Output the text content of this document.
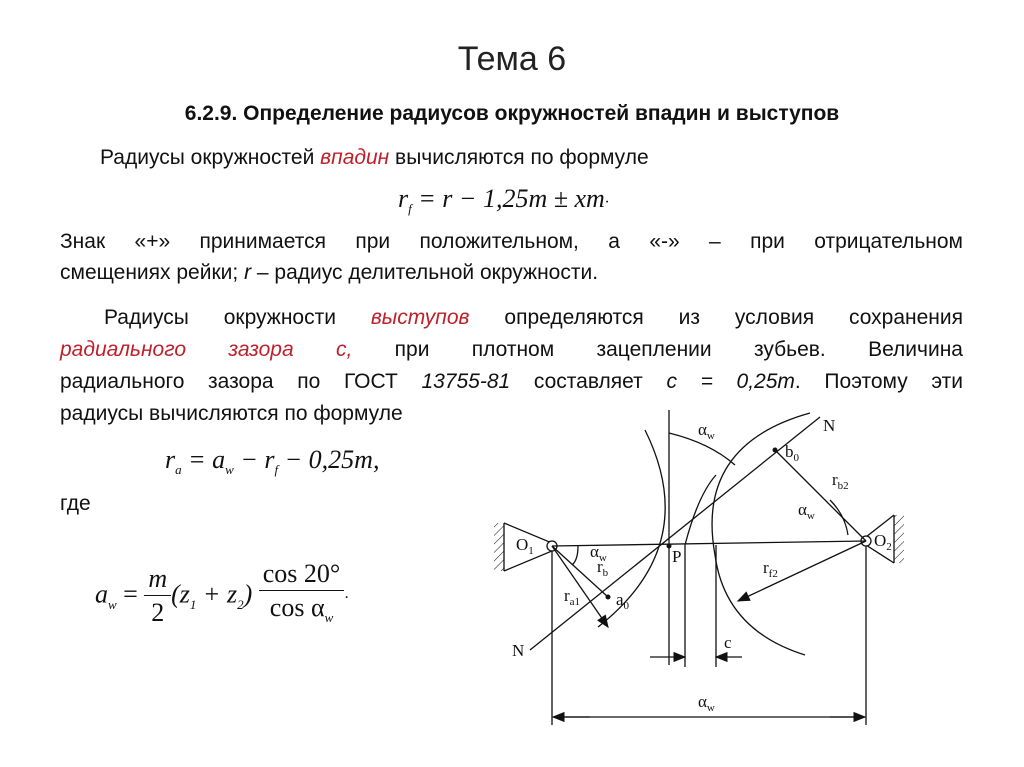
Тема 6
6.2.9. Определение радиусов окружностей впадин и выступов
Радиусы окружностей впадин вычисляются по формуле
$r_f = r - 1,25m \pm xm\cdot$
Знак «+» принимается при положительном, а «-» – при отрицательном
смещениях рейки; r – радиус делительной окружности.
Радиусы окружности выступов определяются из условия сохранения
радиального зазора с, при плотном зацеплении зубьев. Величина
радиального зазора по ГОСТ 13755-81 составляет с = 0,25т. Поэтому эти
радиусы вычисляются по формуле
$r_a = a_w - r_f - 0,25m$,
где
$a_w = \frac{m}{2} (z_1 + z_2) \frac{\cos 20^\circ}{\cos \alpha_w}$ ·
$O_1$
$O_2$
N
N
$b_0$
$a_0$
P
$r_b$
$r_{a1}$
$r_{b2}$
$r_{f2}$
$\alpha_w$
$\alpha_w$
$\alpha_w$
$\alpha_w$
c
